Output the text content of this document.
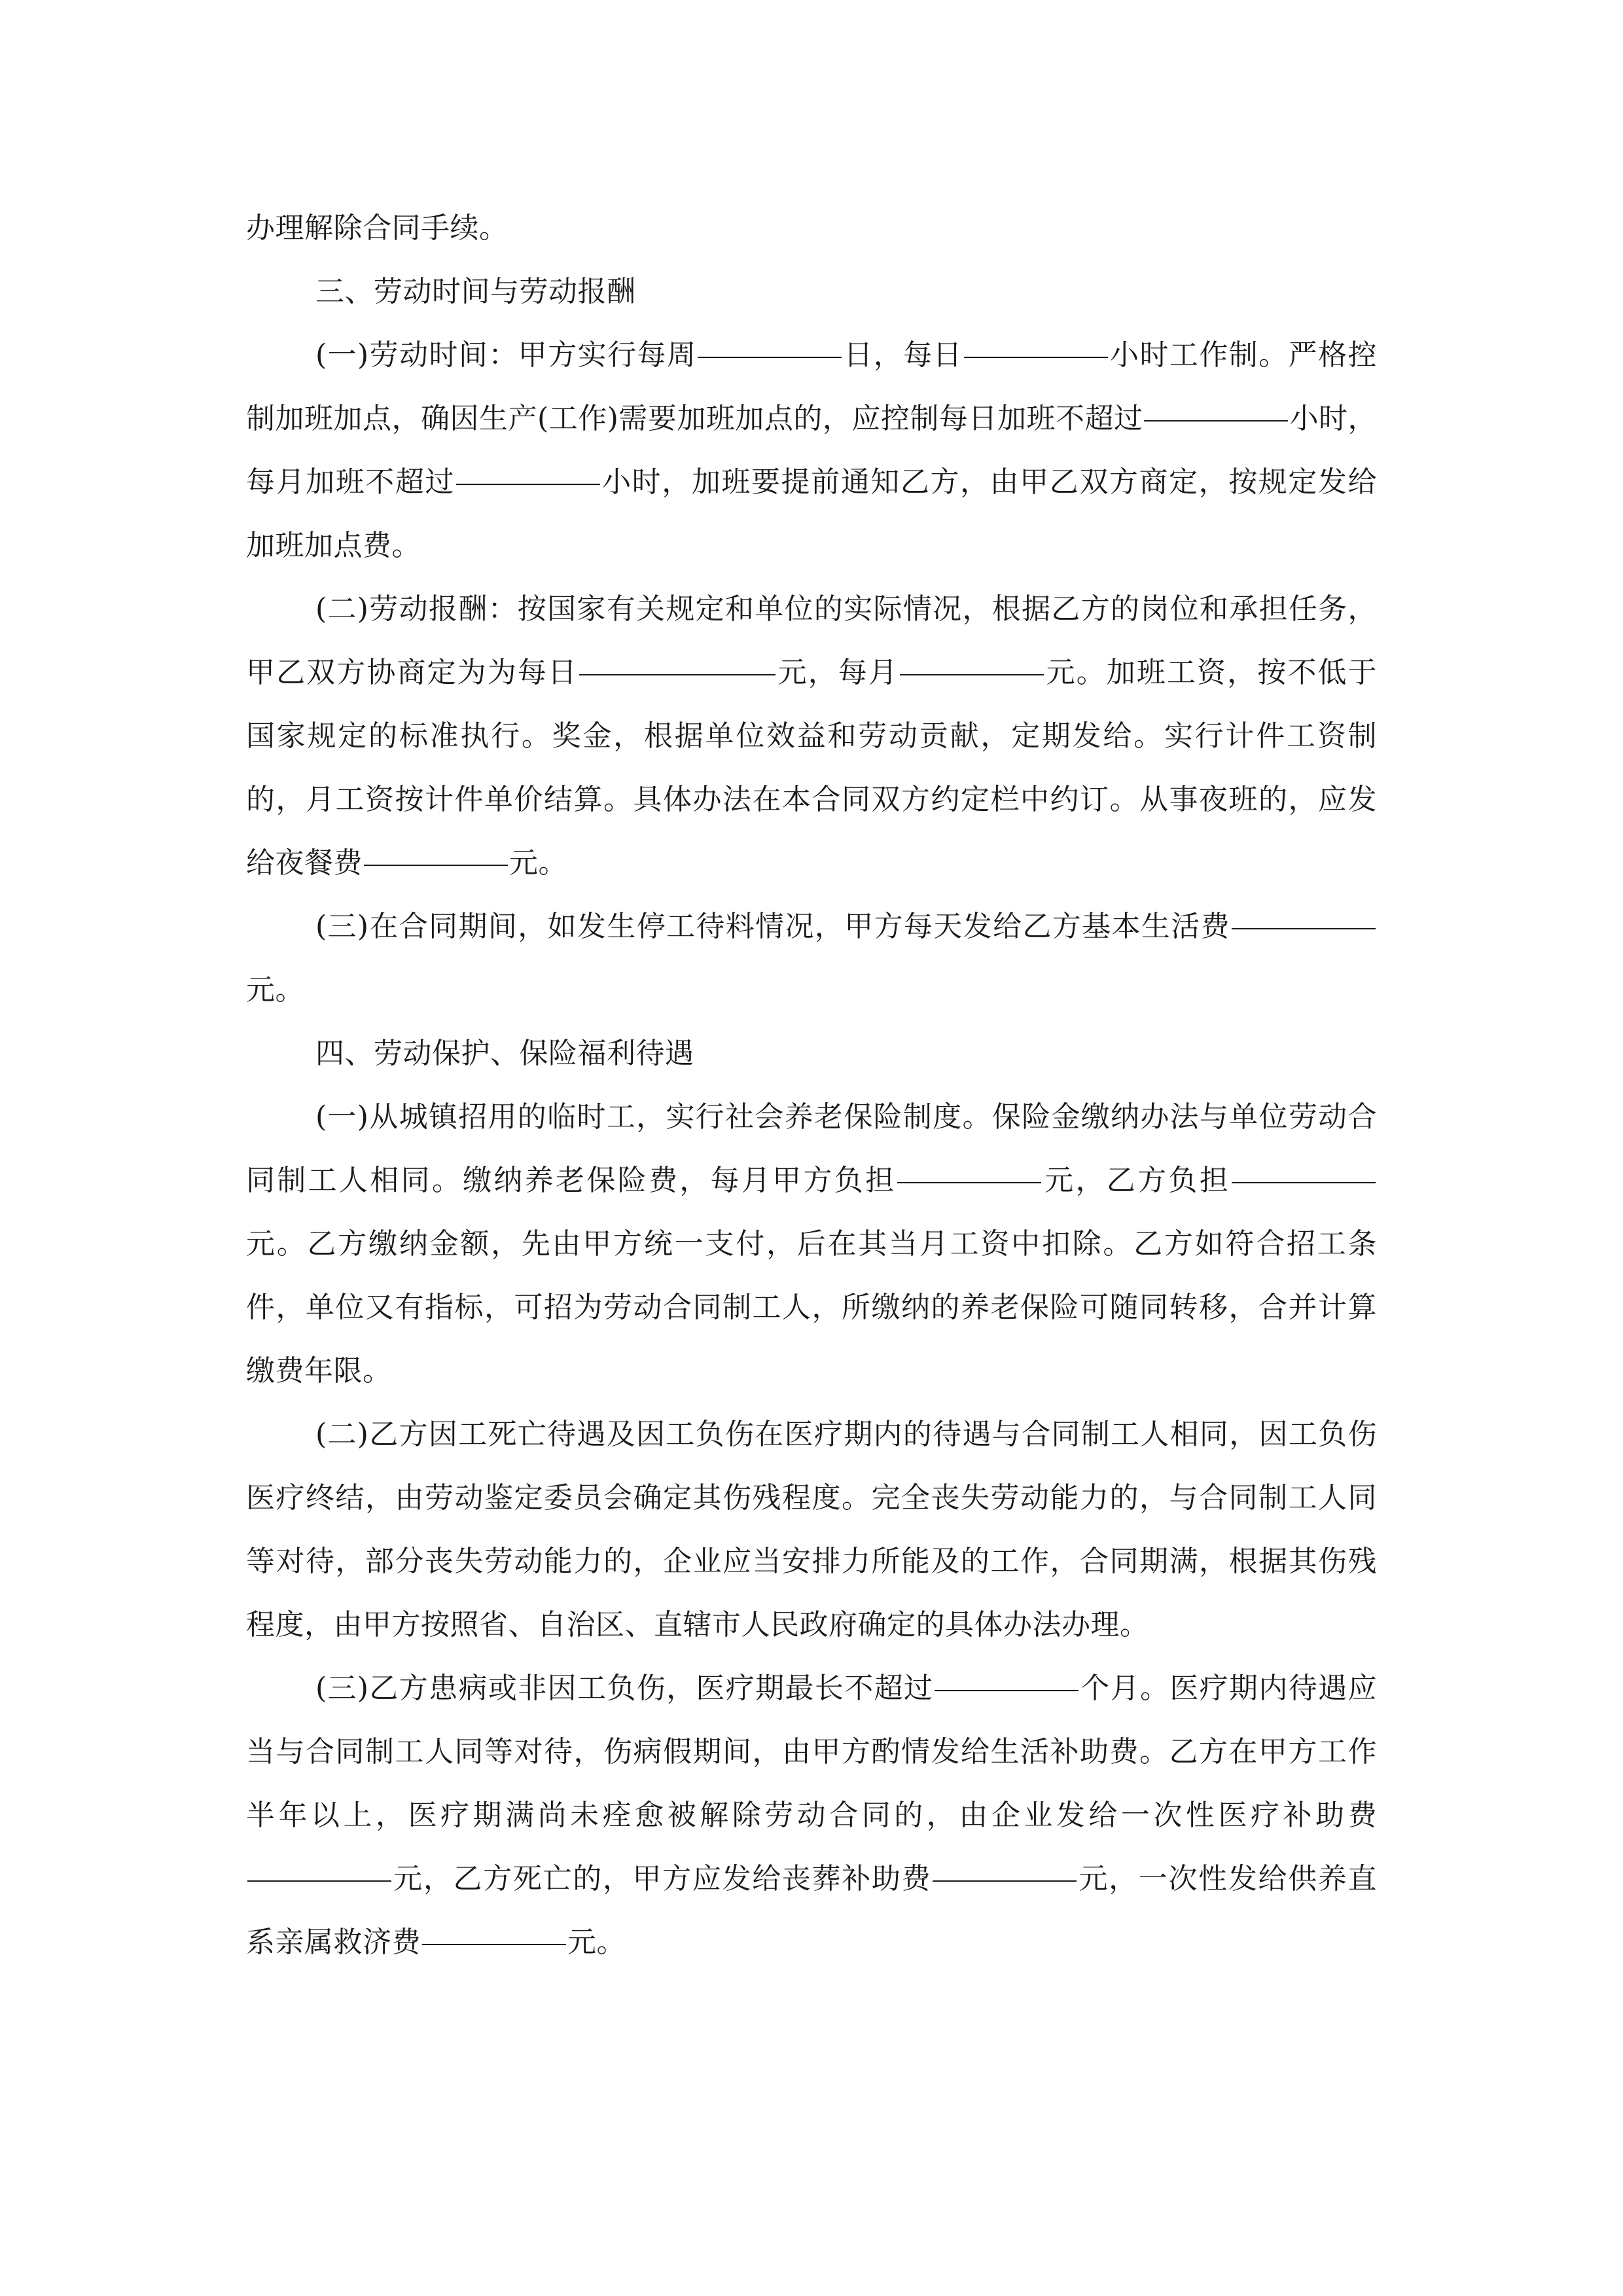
办理解除合同手续。

三、劳动时间与劳动报酬

(一)劳动时间：甲方实行每周	日，每日	小时工作制。严格控制加班加点，确因生产(工作)需要加班加点的，应控制每日加班不超过	小时，每月加班不超过	小时，加班要提前通知乙方，由甲乙双方商定，按规定发给加班加点费。

(二)劳动报酬：按国家有关规定和单位的实际情况，根据乙方的岗位和承担任务，甲乙双方协商定为为每日	元，每月	元。加班工资，按不低于国家规定的标准执行。奖金，根据单位效益和劳动贡献，定期发给。实行计件工资制的，月工资按计件单价结算。具体办法在本合同双方约定栏中约订。从事夜班的，应发给夜餐费	元。

(三)在合同期间，如发生停工待料情况，甲方每天发给乙方基本生活费元。

四、劳动保护、保险福利待遇

(一)从城镇招用的临时工，实行社会养老保险制度。保险金缴纳办法与单位劳动合同制工人相同。缴纳养老保险费，每月甲方负担	元，乙方负担元。乙方缴纳金额，先由甲方统一支付，后在其当月工资中扣除。乙方如符合招工条件，单位又有指标，可招为劳动合同制工人，所缴纳的养老保险可随同转移，合并计算缴费年限。

(二)乙方因工死亡待遇及因工负伤在医疗期内的待遇与合同制工人相同，因工负伤医疗终结，由劳动鉴定委员会确定其伤残程度。完全丧失劳动能力的，与合同制工人同等对待，部分丧失劳动能力的，企业应当安排力所能及的工作，合同期满，根据其伤残程度，由甲方按照省、自治区、直辖市人民政府确定的具体办法办理。

(三)乙方患病或非因工负伤，医疗期最长不超过	个月。医疗期内待遇应当与合同制工人同等对待，伤病假期间，由甲方酌情发给生活补助费。乙方在甲方工作半年以上，医疗期满尚未痊愈被解除劳动合同的，由企业发给一次性医疗补助费元，乙方死亡的，甲方应发给丧葬补助费	元，一次性发给供养直系亲属救济费	元。
